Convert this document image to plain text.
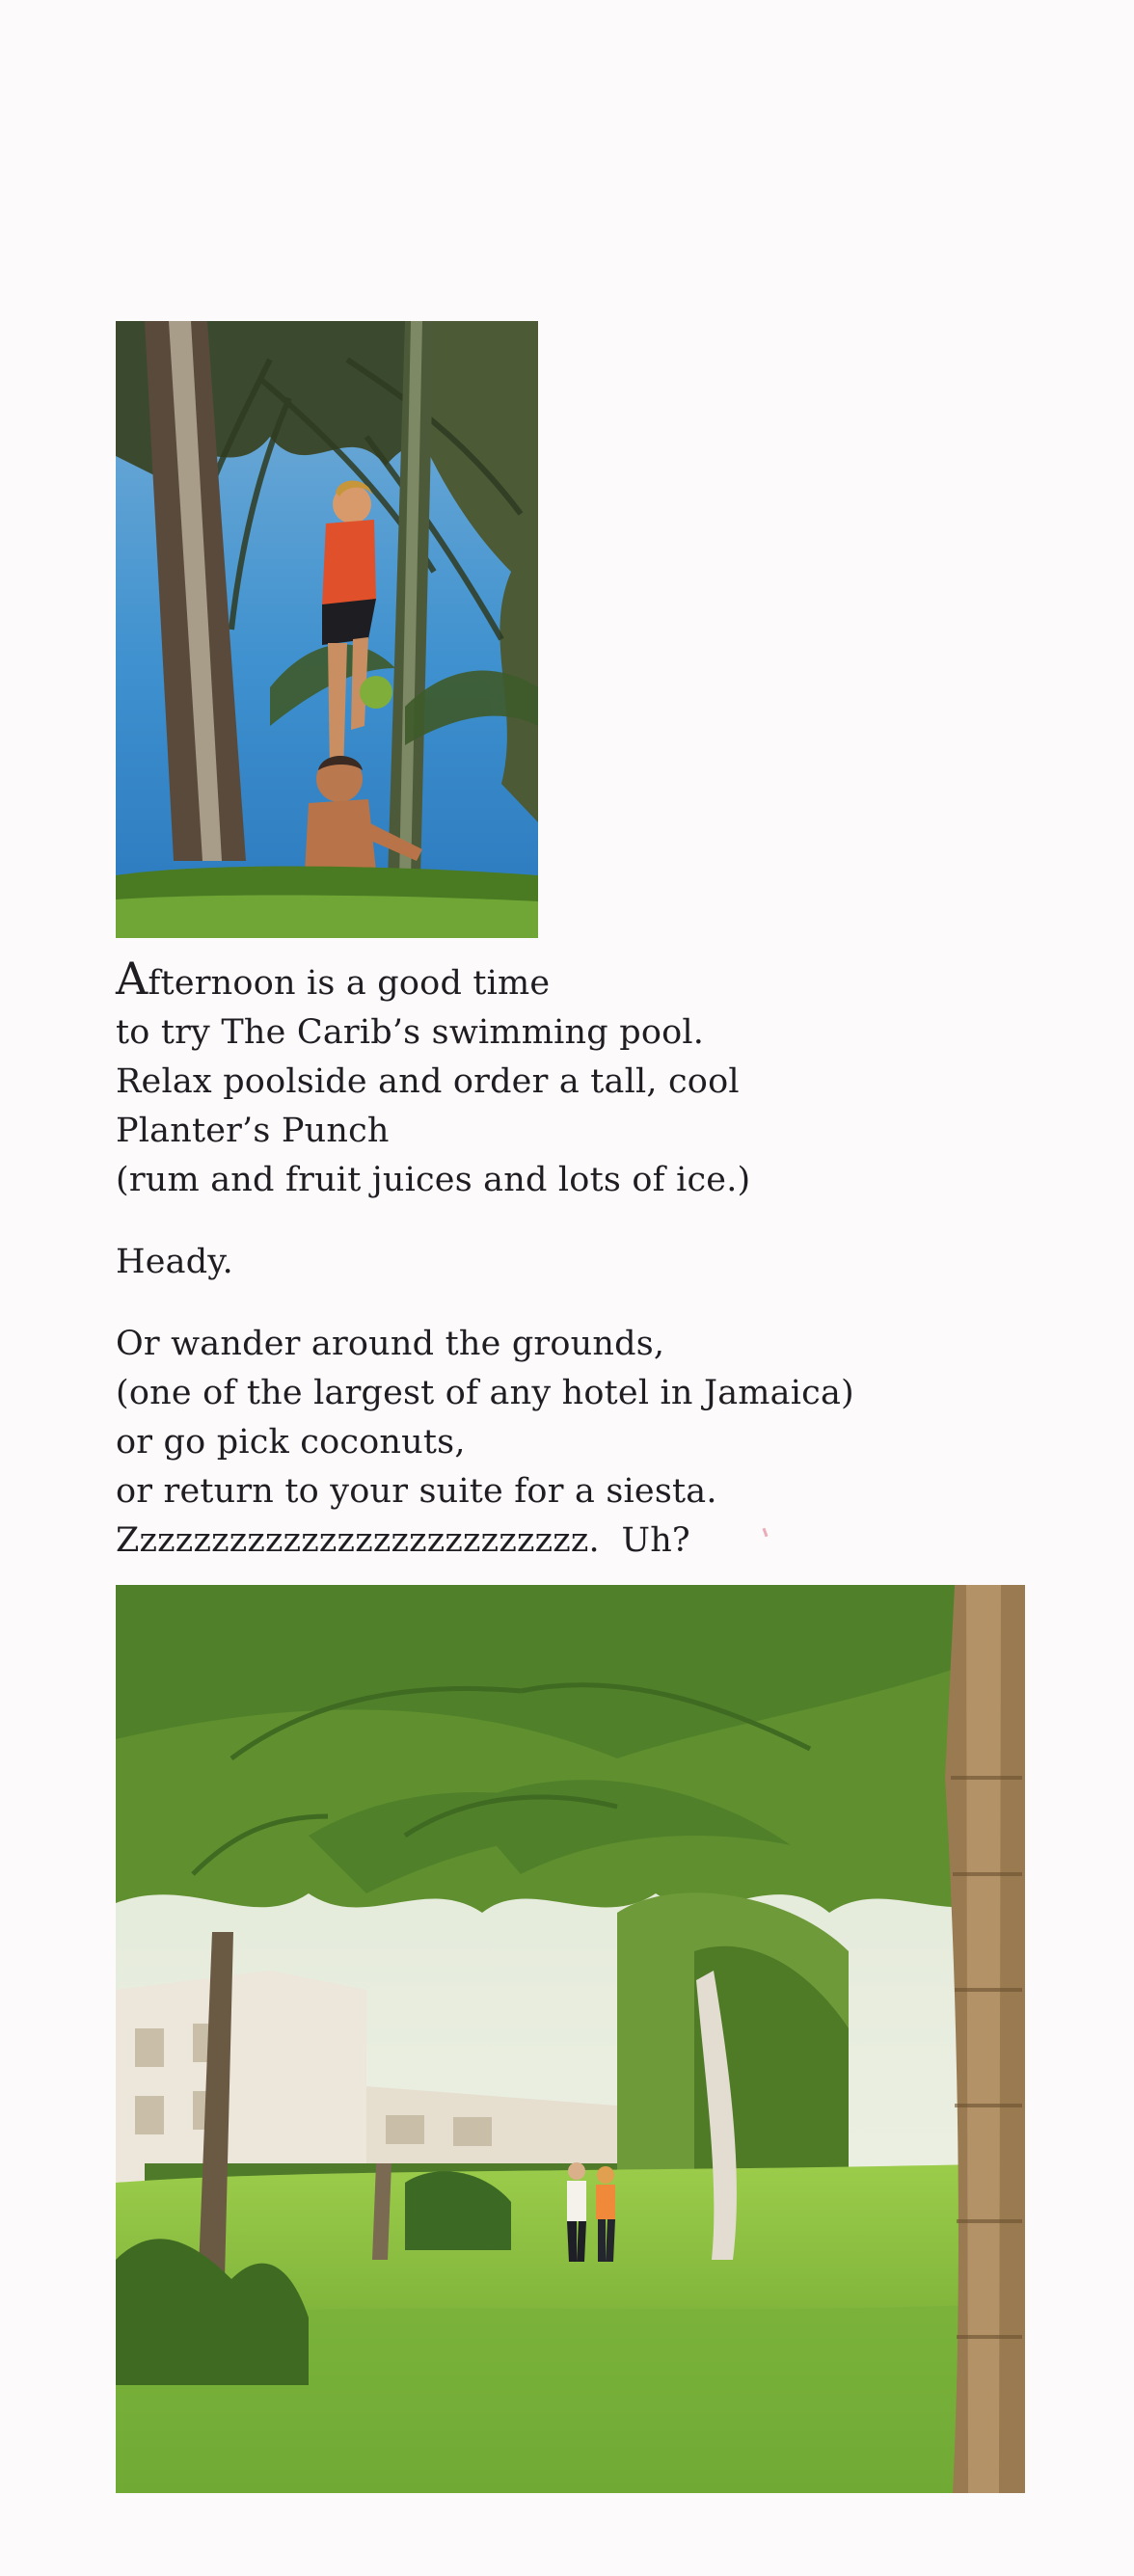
Afternoon is a good time
to try The Carib’s swimming pool.
Relax poolside and order a tall, cool
Planter’s Punch
(rum and fruit juices and lots of ice.)

Heady.

Or wander around the grounds,
(one of the largest of any hotel in Jamaica)
or go pick coconuts,
or return to your suite for a siesta.
Zzzzzzzzzzzzzzzzzzzzzzzzzz.  Uh?
